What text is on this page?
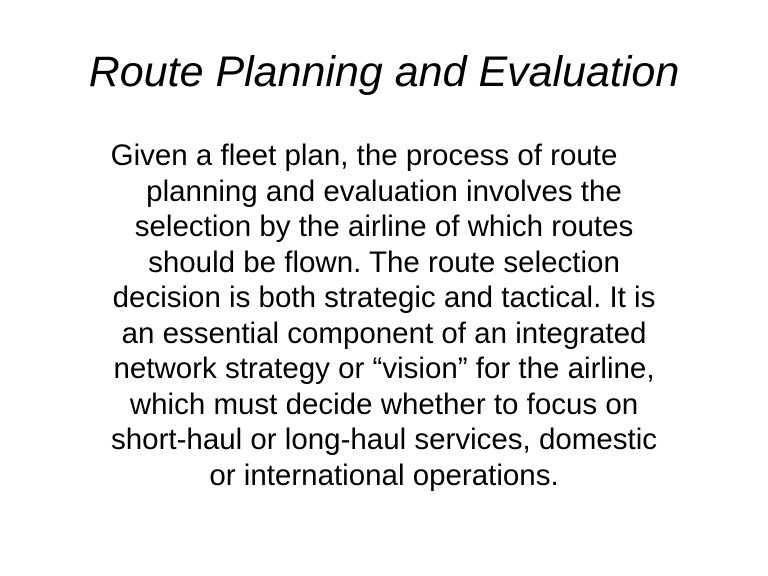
Route Planning and Evaluation
Given a fleet plan, the process of route
planning and evaluation involves the
selection by the airline of which routes
should be flown. The route selection
decision is both strategic and tactical. It is
an essential component of an integrated
network strategy or “vision” for the airline,
which must decide whether to focus on
short-haul or long-haul services, domestic
or international operations.
